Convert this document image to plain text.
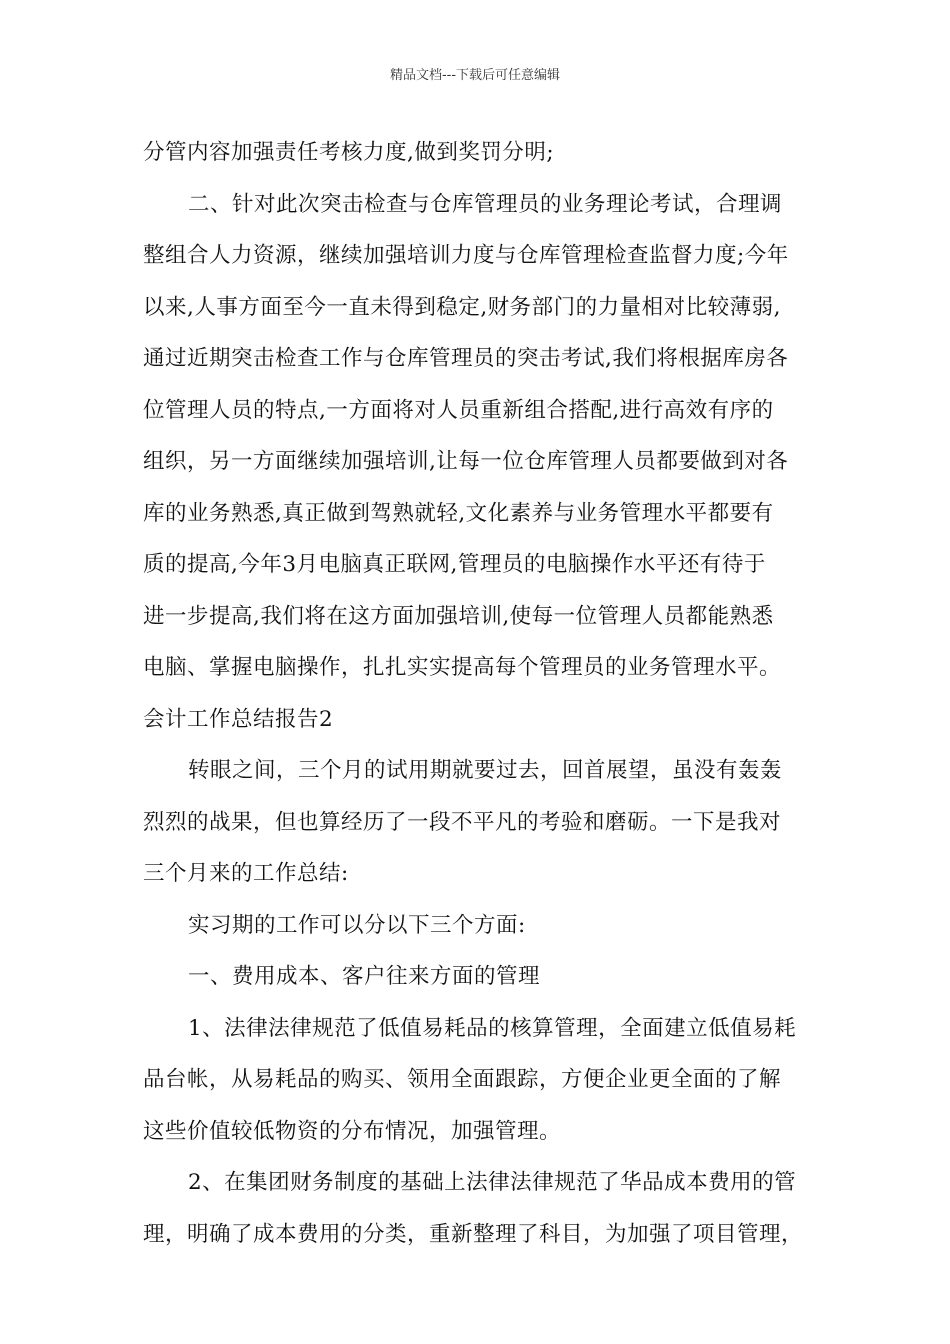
精品文档---下载后可任意编辑
分管内容加强责任考核力度,做到奖罚分明;
二、针对此次突击检查与仓库管理员的业务理论考试，合理调
整组合人力资源，继续加强培训力度与仓库管理检查监督力度;今年
以来,人事方面至今一直未得到稳定,财务部门的力量相对比较薄弱,
通过近期突击检查工作与仓库管理员的突击考试,我们将根据库房各
位管理人员的特点,一方面将对人员重新组合搭配,进行高效有序的
组织，另一方面继续加强培训,让每一位仓库管理人员都要做到对各
库的业务熟悉,真正做到驾熟就轻,文化素养与业务管理水平都要有
质的提高,今年3月电脑真正联网,管理员的电脑操作水平还有待于
进一步提高,我们将在这方面加强培训,使每一位管理人员都能熟悉
电脑、掌握电脑操作，扎扎实实提高每个管理员的业务管理水平。
会计工作总结报告2
转眼之间，三个月的试用期就要过去，回首展望，虽没有轰轰
烈烈的战果，但也算经历了一段不平凡的考验和磨砺。一下是我对
三个月来的工作总结:
实习期的工作可以分以下三个方面:
一、费用成本、客户往来方面的管理
1、法律法律规范了低值易耗品的核算管理，全面建立低值易耗
品台帐，从易耗品的购买、领用全面跟踪，方便企业更全面的了解
这些价值较低物资的分布情况，加强管理。
2、在集团财务制度的基础上法律法律规范了华品成本费用的管
理，明确了成本费用的分类，重新整理了科目，为加强了项目管理，
